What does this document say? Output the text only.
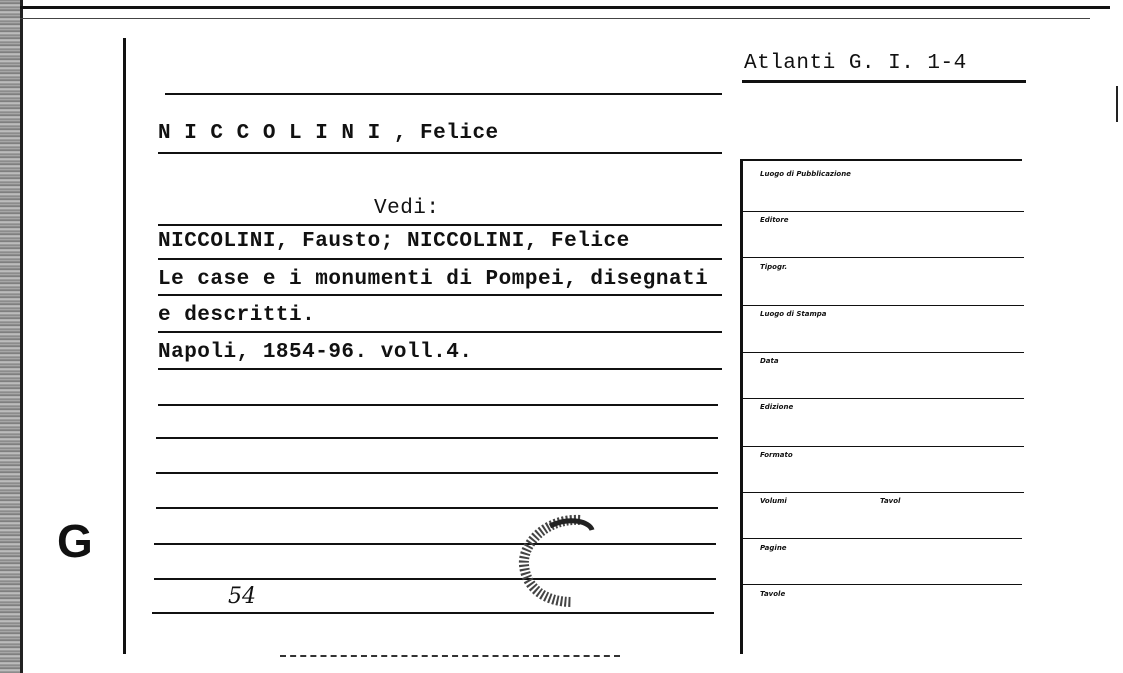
G
Atlanti G. I. 1-4
N I C C O L I N I , Felice
Vedi:
NICCOLINI, Fausto; NICCOLINI, Felice
Le case e i monumenti di Pompei, disegnati
e descritti.
Napoli, 1854-96. voll.4.
54
Luogo di Pubblicazione
Editore
Tipogr.
Luogo di Stampa
Data
Edizione
Formato
Volumi	Tavol
Pagine
Tavole
